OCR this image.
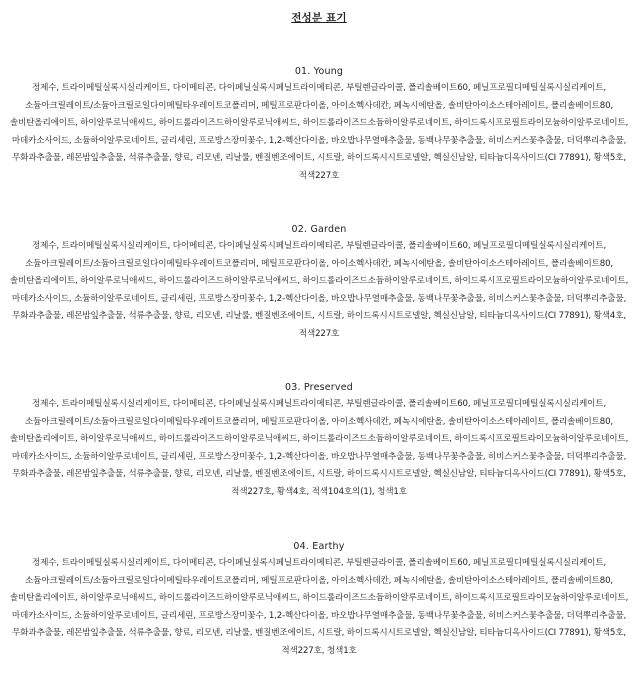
전성분 표기
01. Young
정제수, 트라이메틸실록시실리케이트, 다이메티콘, 다이페닐실록시페닐트라이메티콘, 부틸렌글라이콜, 폴리솔베이트60, 페닐프로필디메틸실록시실리케이트, 소듐아크릴레이트/소듐아크릴로일다이메틸타우레이트코폴리머, 메틸프로판다이올, 아이소헥사데칸, 페녹시에탄올, 솔비탄아이소스테아레이트, 폴리솔베이트80, 솔비탄올리에이트, 하이알루로닉애씨드, 하이드롤라이즈드하이알루로닉애씨드, 하이드롤라이즈드소듐하이알루로네이트, 하이드록시프로필트라이모늄하이알루로네이트, 마데카소사이드, 소듐하이알루로네이트, 글리세린, 프로방스장미꽃수, 1,2-헥산다이올, 바오밥나무열매추출물, 동백나무꽃추출물, 히비스커스꽃추출물, 더덕뿌리추출물, 무화과추출물, 레몬밤잎추출물, 석류추출물, 향료, 리모넨, 리날룰, 벤질벤조에이트, 시트랄, 하이드록시시트로넬알, 헥실신남알, 티타늄디옥사이드(CI 77891), 황색5호, 적색227호
02. Garden
정제수, 트라이메틸실록시실리케이트, 다이메티콘, 다이페닐실록시페닐트라이메티콘, 부틸렌글라이콜, 폴리솔베이트60, 페닐프로필디메틸실록시실리케이트, 소듐아크릴레이트/소듐아크릴로일다이메틸타우레이트코폴리머, 메틸프로판다이올, 아이소헥사데칸, 페녹시에탄올, 솔비탄아이소스테아레이트, 폴리솔베이트80, 솔비탄올리에이트, 하이알루로닉애씨드, 하이드롤라이즈드하이알루로닉애씨드, 하이드롤라이즈드소듐하이알루로네이트, 하이드록시프로필트라이모늄하이알루로네이트, 마데카소사이드, 소듐하이알루로네이트, 글리세린, 프로방스장미꽃수, 1,2-헥산다이올, 바오밥나무열매추출물, 동백나무꽃추출물, 히비스커스꽃추출물, 더덕뿌리추출물, 무화과추출물, 레몬밤잎추출물, 석류추출물, 향료, 리모넨, 리날룰, 벤질벤조에이트, 시트랄, 하이드록시시트로넬알, 헥실신남알, 티타늄디옥사이드(CI 77891), 황색4호, 적색227호
03. Preserved
정제수, 트라이메틸실록시실리케이트, 다이메티콘, 다이페닐실록시페닐트라이메티콘, 부틸렌글라이콜, 폴리솔베이트60, 페닐프로필디메틸실록시실리케이트, 소듐아크릴레이트/소듐아크릴로일다이메틸타우레이트코폴리머, 메틸프로판다이올, 아이소헥사데칸, 페녹시에탄올, 솔비탄아이소스테아레이트, 폴리솔베이트80, 솔비탄올리에이트, 하이알루로닉애씨드, 하이드롤라이즈드하이알루로닉애씨드, 하이드롤라이즈드소듐하이알루로네이트, 하이드록시프로필트라이모늄하이알루로네이트, 마데카소사이드, 소듐하이알루로네이트, 글리세린, 프로방스장미꽃수, 1,2-헥산다이올, 바오밥나무열매추출물, 동백나무꽃추출물, 히비스커스꽃추출물, 더덕뿌리추출물, 무화과추출물, 레몬밤잎추출물, 석류추출물, 향료, 리모넨, 리날룰, 벤질벤조에이트, 시트랄, 하이드록시시트로넬알, 헥실신남알, 티타늄디옥사이드(CI 77891), 황색5호, 적색227호, 황색4호, 적색104호의(1), 청색1호
04. Earthy
정제수, 트라이메틸실록시실리케이트, 다이메티콘, 다이페닐실록시페닐트라이메티콘, 부틸렌글라이콜, 폴리솔베이트60, 페닐프로필디메틸실록시실리케이트, 소듐아크릴레이트/소듐아크릴로일다이메틸타우레이트코폴리머, 메틸프로판다이올, 아이소헥사데칸, 페녹시에탄올, 솔비탄아이소스테아레이트, 폴리솔베이트80, 솔비탄올리에이트, 하이알루로닉애씨드, 하이드롤라이즈드하이알루로닉애씨드, 하이드롤라이즈드소듐하이알루로네이트, 하이드록시프로필트라이모늄하이알루로네이트, 마데카소사이드, 소듐하이알루로네이트, 글리세린, 프로방스장미꽃수, 1,2-헥산다이올, 바오밥나무열매추출물, 동백나무꽃추출물, 히비스커스꽃추출물, 더덕뿌리추출물, 무화과추출물, 레몬밤잎추출물, 석류추출물, 향료, 리모넨, 리날룰, 벤질벤조에이트, 시트랄, 하이드록시시트로넬알, 헥실신남알, 티타늄디옥사이드(CI 77891), 황색5호, 적색227호, 청색1호
